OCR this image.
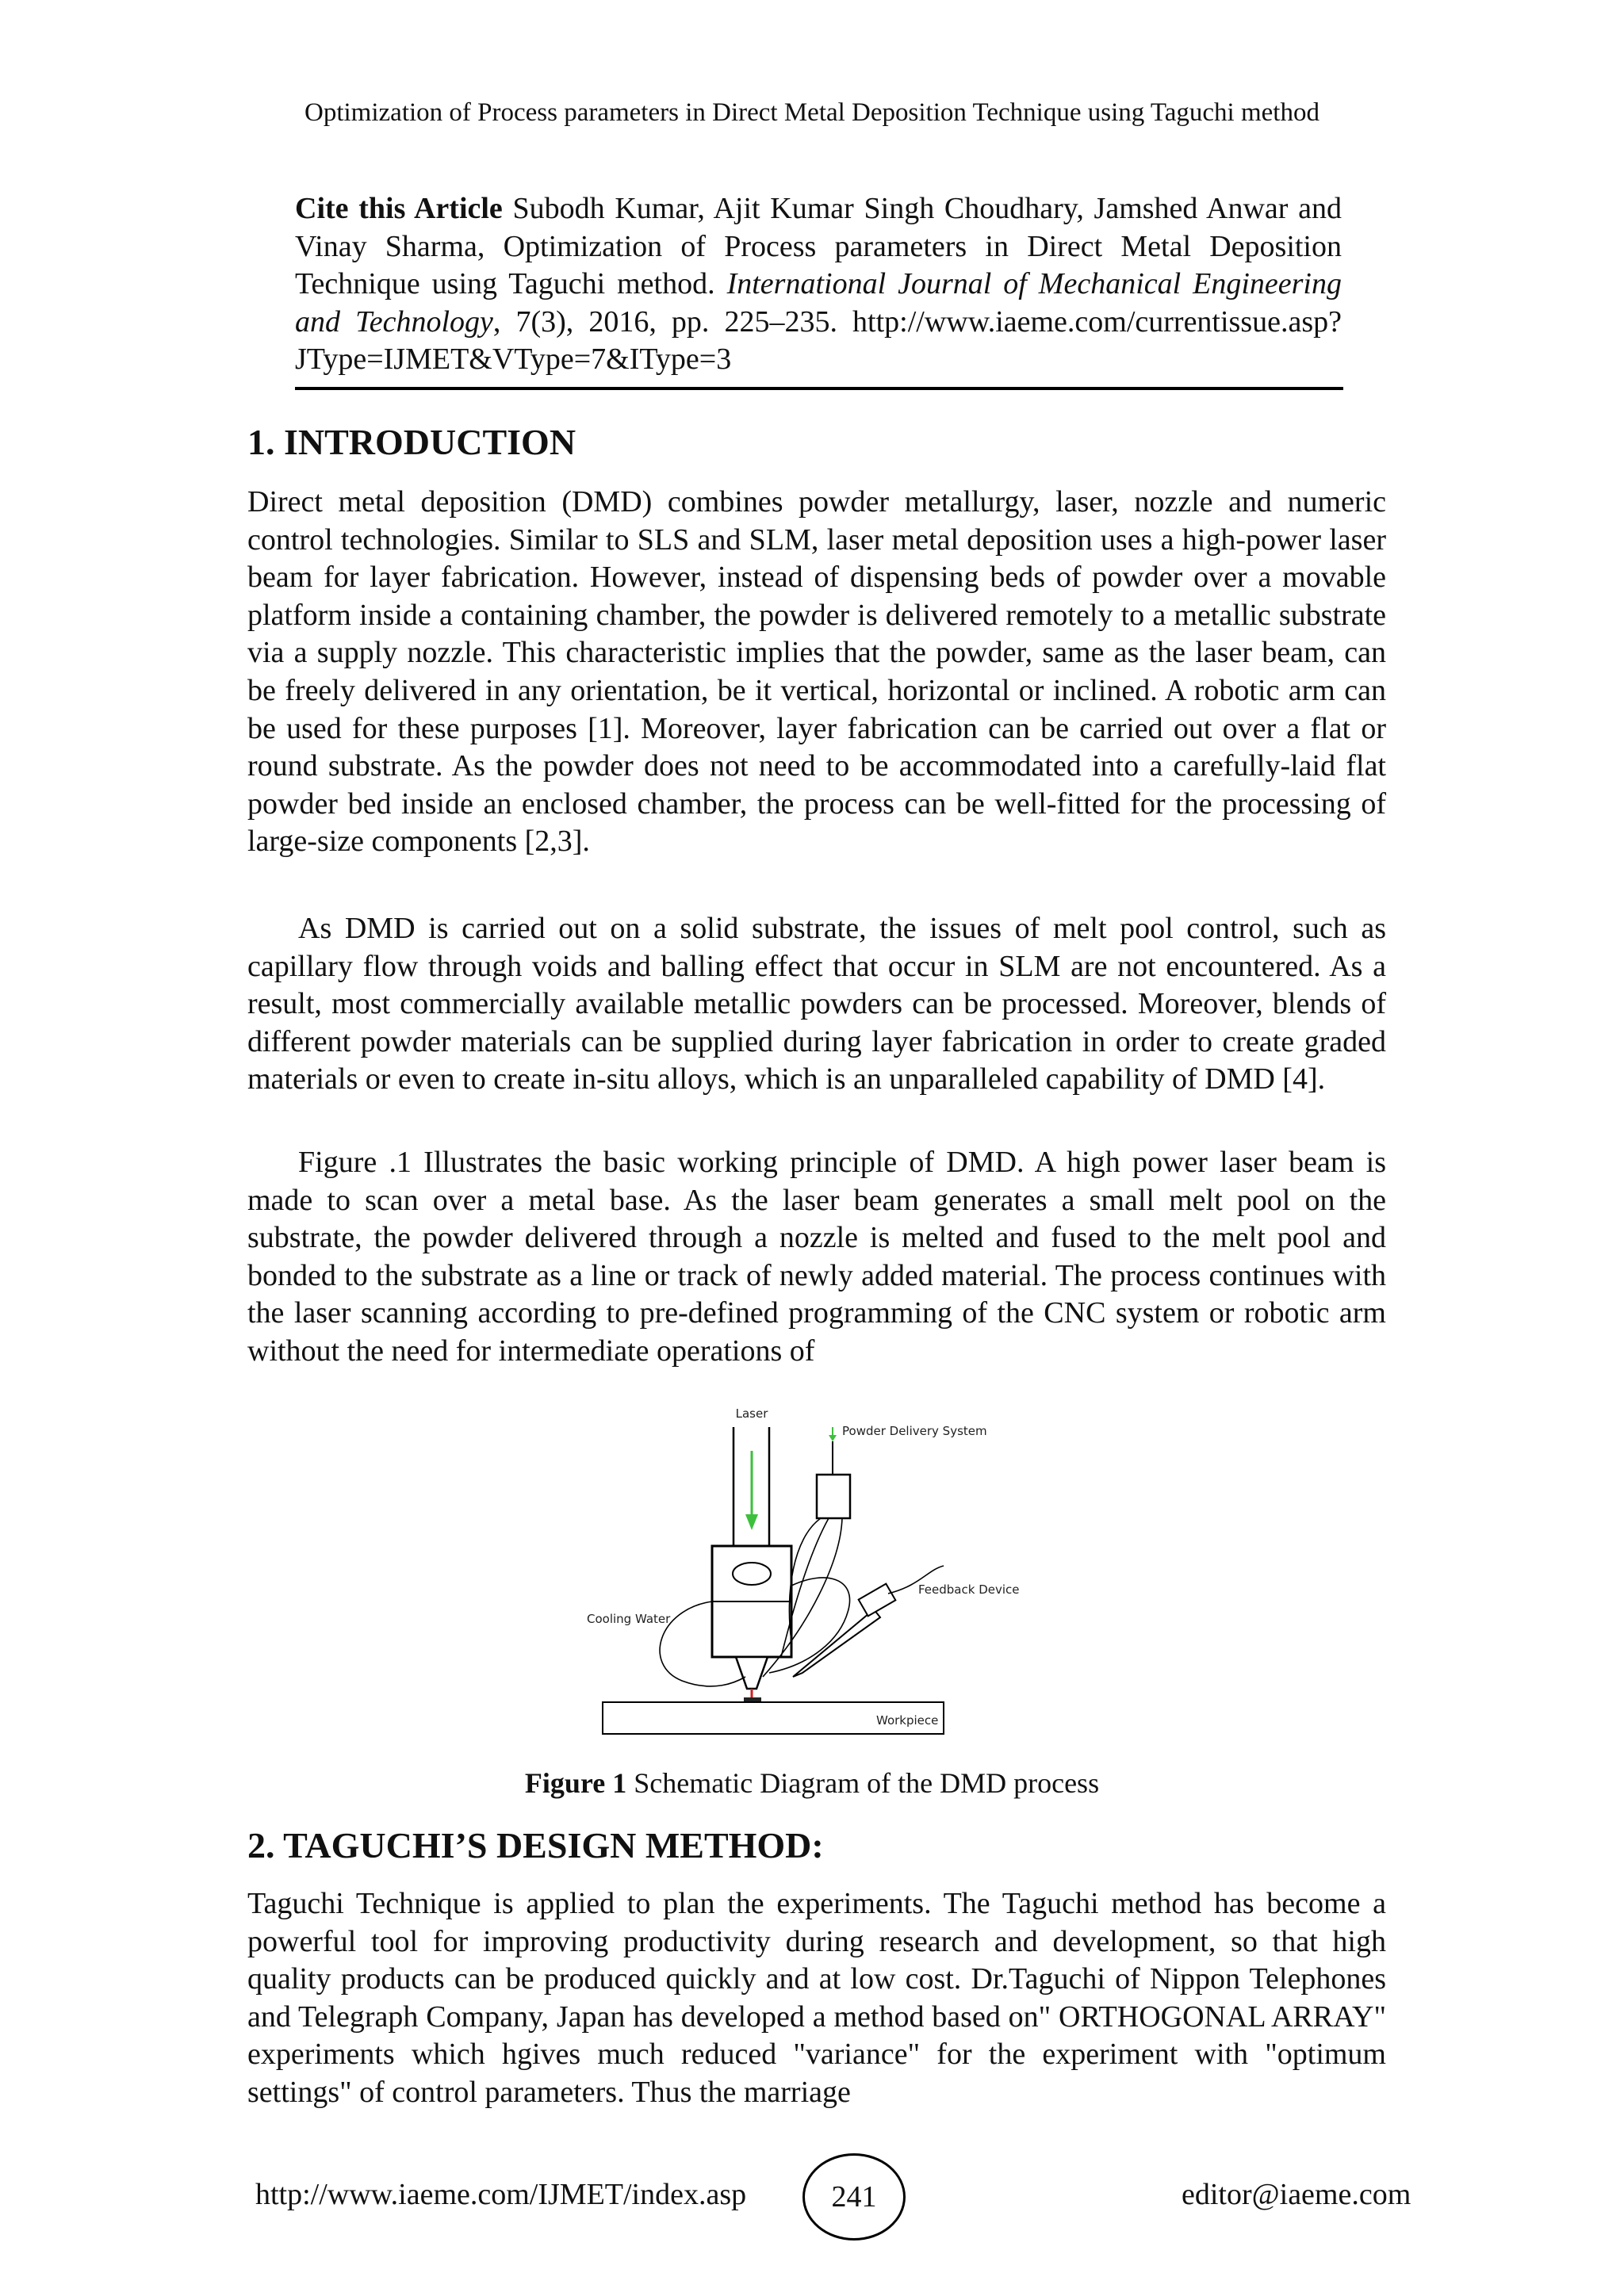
Optimization of Process parameters in Direct Metal Deposition Technique using Taguchi method
Cite this Article Subodh Kumar, Ajit Kumar Singh Choudhary, Jamshed Anwar and Vinay Sharma, Optimization of Process parameters in Direct Metal Deposition Technique using Taguchi method. International Journal of Mechanical Engineering and Technology, 7(3), 2016, pp. 225–235. http://www.iaeme.com/currentissue.asp?JType=IJMET&VType=7&IType=3
1. INTRODUCTION

Direct metal deposition (DMD) combines powder metallurgy, laser, nozzle and numeric control technologies. Similar to SLS and SLM, laser metal deposition uses a high-power laser beam for layer fabrication. However, instead of dispensing beds of powder over a movable platform inside a containing chamber, the powder is delivered remotely to a metallic substrate via a supply nozzle. This characteristic implies that the powder, same as the laser beam, can be freely delivered in any orientation, be it vertical, horizontal or inclined. A robotic arm can be used for these purposes [1]. Moreover, layer fabrication can be carried out over a flat or round substrate. As the powder does not need to be accommodated into a carefully-laid flat powder bed inside an enclosed chamber, the process can be well-fitted for the processing of large-size components [2,3].

As DMD is carried out on a solid substrate, the issues of melt pool control, such as capillary flow through voids and balling effect that occur in SLM are not encountered. As a result, most commercially available metallic powders can be processed. Moreover, blends of different powder materials can be supplied during layer fabrication in order to create graded materials or even to create in-situ alloys, which is an unparalleled capability of DMD [4].

Figure .1 Illustrates the basic working principle of DMD. A high power laser beam is made to scan over a metal base. As the laser beam generates a small melt pool on the substrate, the powder delivered through a nozzle is melted and fused to the melt pool and bonded to the substrate as a line or track of newly added material. The process continues with the laser scanning according to pre-defined programming of the CNC system or robotic arm without the need for intermediate operations of

Laser
Powder Delivery System
Feedback Device
Cooling Water
Workpiece
Figure 1 Schematic Diagram of the DMD process
2. TAGUCHI’S DESIGN METHOD:

Taguchi Technique is applied to plan the experiments. The Taguchi method has become a powerful tool for improving productivity during research and development, so that high quality products can be produced quickly and at low cost. Dr.Taguchi of Nippon Telephones and Telegraph Company, Japan has developed a method based on" ORTHOGONAL ARRAY" experiments which hgives much reduced "variance" for the experiment with "optimum settings" of control parameters. Thus the marriage

http://www.iaeme.com/IJMET/index.asp	241	editor@iaeme.com
